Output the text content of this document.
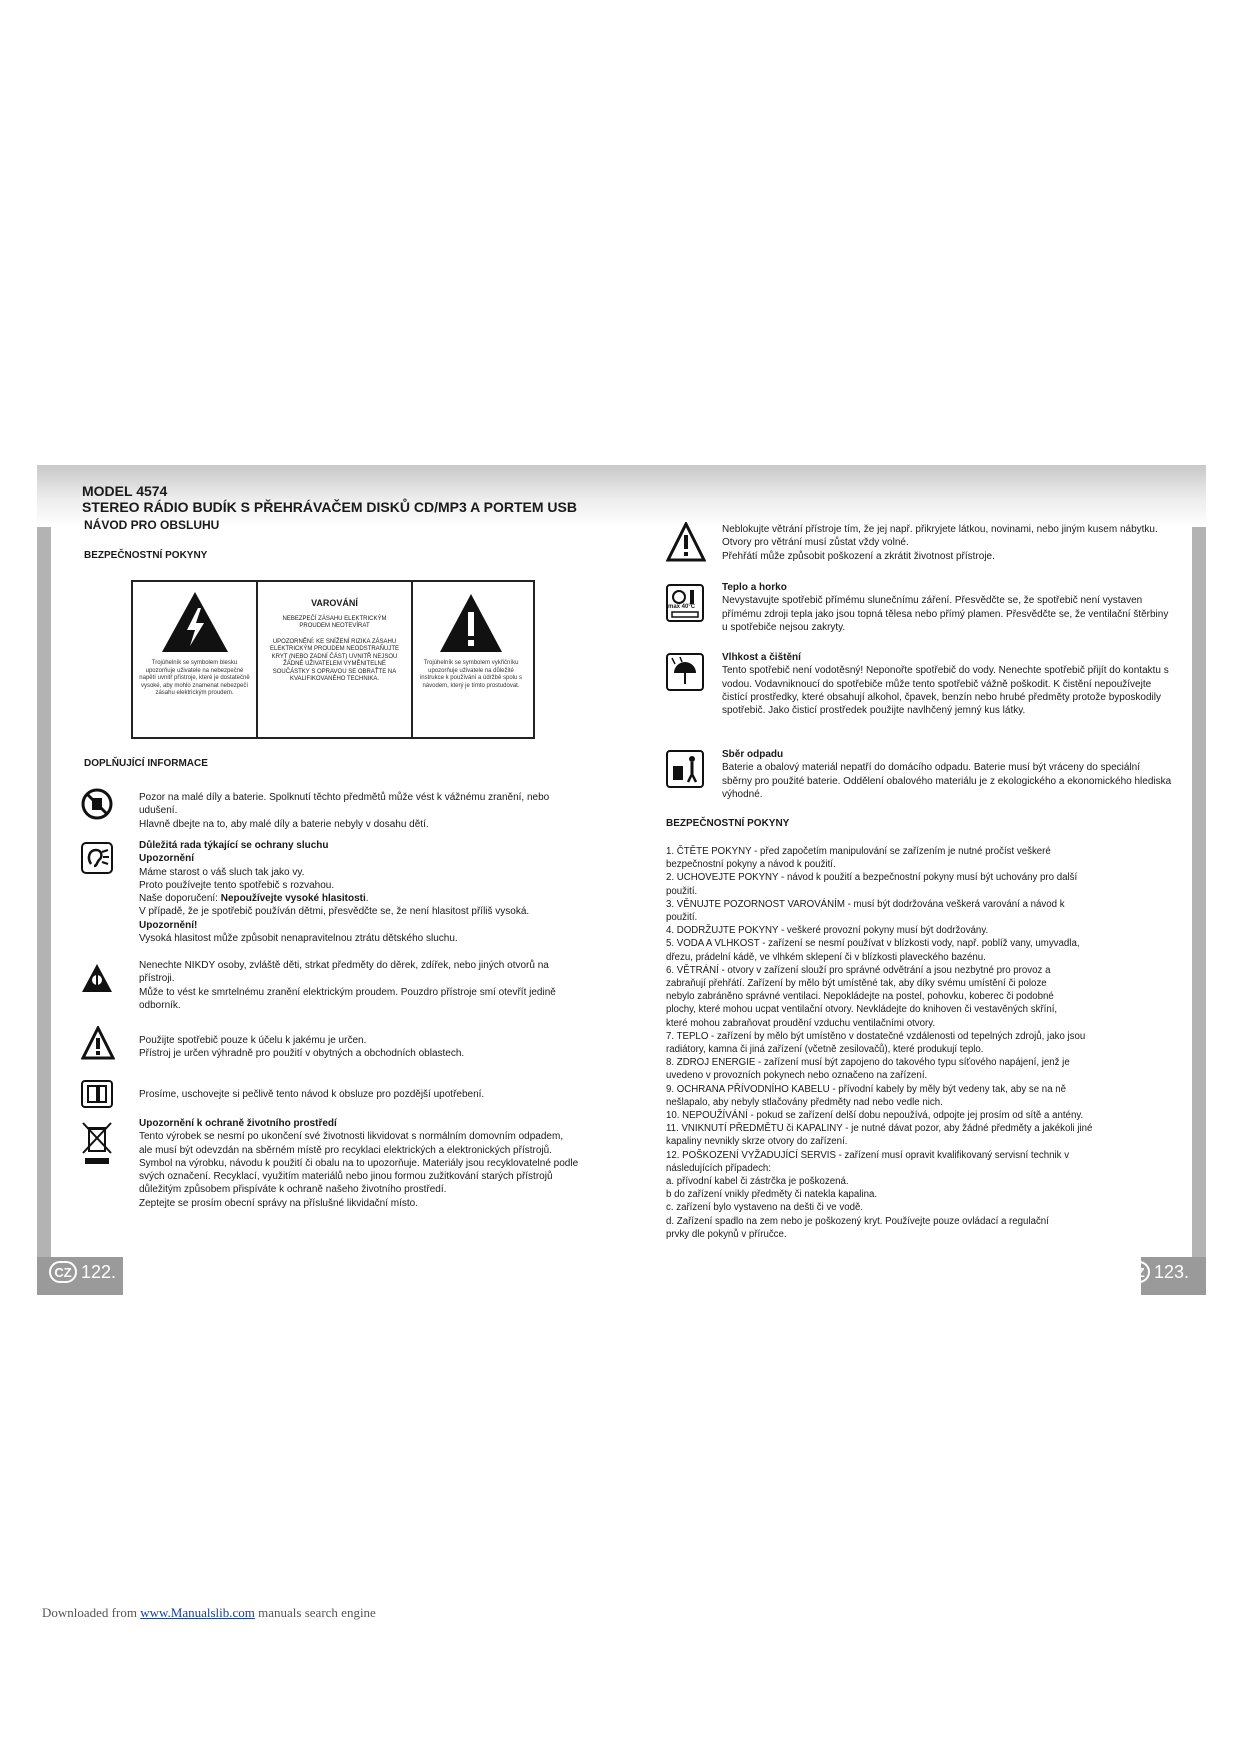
MODEL 4574
STEREO RÁDIO BUDÍK S PŘEHRÁVAČEM DISKŮ CD/MP3 A PORTEM USB
NÁVOD PRO OBSLUHU
BEZPEČNOSTNÍ POKYNY
Trojúhelník se symbolem blesku upozorňuje uživatele na nebezpečné napětí uvnitř přístroje, které je dostatečně vysoké, aby mohlo znamenat nebezpečí zásahu elektrickým proudem.
VAROVÁNÍ
NEBEZPEČÍ ZÁSAHU ELEKTRICKÝM PROUDEM NEOTEVÍRAT
UPOZORNĚNÍ: KE SNÍŽENÍ RIZIKA ZÁSAHU ELEKTRICKÝM PROUDEM NEODSTRAŇUJTE KRYT (NEBO ZADNÍ ČÁST) UVNITŘ NEJSOU ŽÁDNÉ UŽIVATELEM VYMĚNITELNÉ SOUČÁSTKY S OPRAVOU SE OBRAŤTE NA KVALIFIKOVANÉHO TECHNIKA.
Trojúhelník se symbolem vykřičníku upozorňuje uživatele na důležité instrukce k používání a údržbě spolu s návodem, který je tímto prostudovat.
DOPLŇUJÍCÍ INFORMACE
Pozor na malé díly a baterie. Spolknutí těchto předmětů může vést k vážnému zranění, nebo udušení.
Hlavně dbejte na to, aby malé díly a baterie nebyly v dosahu dětí.
Důležitá rada týkající se ochrany sluchu
Upozornění
Máme starost o váš sluch tak jako vy.
Proto používejte tento spotřebič s rozvahou.
Naše doporučení: Nepoužívejte vysoké hlasitosti.
V případě, že je spotřebič používán dětmi, přesvědčte se, že není hlasitost příliš vysoká.
Upozornění!
Vysoká hlasitost může způsobit nenapravitelnou ztrátu dětského sluchu.
Nenechte NIKDY osoby, zvláště děti, strkat předměty do děrek, zdířek, nebo jiných otvorů na přístroji.
Může to vést ke smrtelnému zranění elektrickým proudem. Pouzdro přístroje smí otevřít jedině odborník.
Použijte spotřebič pouze k účelu k jakému je určen.
Přístroj je určen výhradně pro použití v obytných a obchodních oblastech.
Prosíme, uschovejte si pečlivě tento návod k obsluze pro pozdější upotřebení.
Upozornění k ochraně životního prostředí
Tento výrobek se nesmí po ukončení své životnosti likvidovat s normálním domovním odpadem, ale musí být odevzdán na sběrném místě pro recyklaci elektrických a elektronických přístrojů. Symbol na výrobku, návodu k použití či obalu na to upozorňuje. Materiály jsou recyklovatelné podle svých označení. Recyklací, využitím materiálů nebo jinou formou zužitkování starých přístrojů důležitým způsobem přispíváte k ochraně našeho životního prostředí.
Zeptejte se prosím obecní správy na příslušné likvidační místo.
Neblokujte větrání přístroje tím, že jej např. přikryjete látkou, novinami, nebo jiným kusem nábytku. Otvory pro větrání musí zůstat vždy volné.
Přehřátí může způsobit poškození a zkrátit životnost přístroje.
max 40°C
Teplo a horko
Nevystavujte spotřebič přímému slunečnímu záření. Přesvědčte se, že spotřebič není vystaven přímému zdroji tepla jako jsou topná tělesa nebo přímý plamen. Přesvědčte se, že ventilační štěrbiny u spotřebiče nejsou zakryty.
Vlhkost a čištění
Tento spotřebič není vodotěsný! Neponořte spotřebič do vody. Nenechte spotřebič přijít do kontaktu s vodou. Vodavniknoucí do spotřebiče může tento spotřebič vážně poškodit. K čistění nepoužívejte čistící prostředky, které obsahují alkohol, čpavek, benzín nebo hrubé předměty protože byposkodily spotřebič. Jako čisticí prostředek použijte navlhčený jemný kus látky.
Sběr odpadu
Baterie a obalový materiál nepatří do domácího odpadu. Baterie musí být vráceny do speciální sběrny pro použité baterie. Oddělení obalového materiálu je z ekologického a ekonomického hlediska výhodné.
BEZPEČNOSTNÍ POKYNY
1. ČTĚTE POKYNY - před započetím manipulování se zařízením je nutné pročíst veškeré
bezpečnostní pokyny a návod k použití.
2. UCHOVEJTE POKYNY - návod k použití a bezpečnostní pokyny musí být uchovány pro další
použití.
3. VĚNUJTE POZORNOST VAROVÁNÍM - musí být dodržována veškerá varování a návod k
použití.
4. DODRŽUJTE POKYNY - veškeré provozní pokyny musí být dodržovány.
5. VODA A VLHKOST - zařízení se nesmí používat v blízkosti vody, např. poblíž vany, umyvadla,
dřezu, prádelní kádě, ve vlhkém sklepení či v blízkosti plaveckého bazénu.
6. VĚTRÁNÍ - otvory v zařízení slouží pro správné odvětrání a jsou nezbytné pro provoz a
zabraňují přehřátí. Zařízení by mělo být umístěné tak, aby díky svému umístění či poloze
nebylo zabráněno správné ventilaci. Nepokládejte na postel, pohovku, koberec či podobné
plochy, které mohou ucpat ventilační otvory. Nevkládejte do knihoven či vestavěných skříní,
které mohou zabraňovat proudění vzduchu ventilačními otvory.
7. TEPLO - zařízení by mělo být umístěno v dostatečné vzdálenosti od tepelných zdrojů, jako jsou
radiátory, kamna či jiná zařízení (včetně zesilovačů), které produkují teplo.
8. ZDROJ ENERGIE - zařízení musí být zapojeno do takového typu síťového napájení, jenž je
uvedeno v provozních pokynech nebo označeno na zařízení.
9. OCHRANA PŘÍVODNÍHO KABELU - přívodní kabely by měly být vedeny tak, aby se na ně
nešlapalo, aby nebyly stlačovány předměty nad nebo vedle nich.
10. NEPOUŽÍVÁNÍ - pokud se zařízení delší dobu nepoužívá, odpojte jej prosím od sítě a antény.
11. VNIKNUTÍ PŘEDMĚTU či KAPALINY - je nutné dávat pozor, aby žádné předměty a jakékoli jiné
kapaliny nevnikly skrze otvory do zařízení.
12. POŠKOZENÍ VYŽADUJÍCÍ SERVIS - zařízení musí opravit kvalifikovaný servisní technik v
následujících případech:
a. přívodní kabel či zástrčka je poškozená.
b do zařízení vnikly předměty či natekla kapalina.
c. zařízení bylo vystaveno na dešti či ve vodě.
d. Zařízení spadlo na zem nebo je poškozený kryt. Používejte pouze ovládací a regulační
prvky dle pokynů v příručce.
CZ 122.	CZ 123.
Downloaded from www.Manualslib.com manuals search engine
